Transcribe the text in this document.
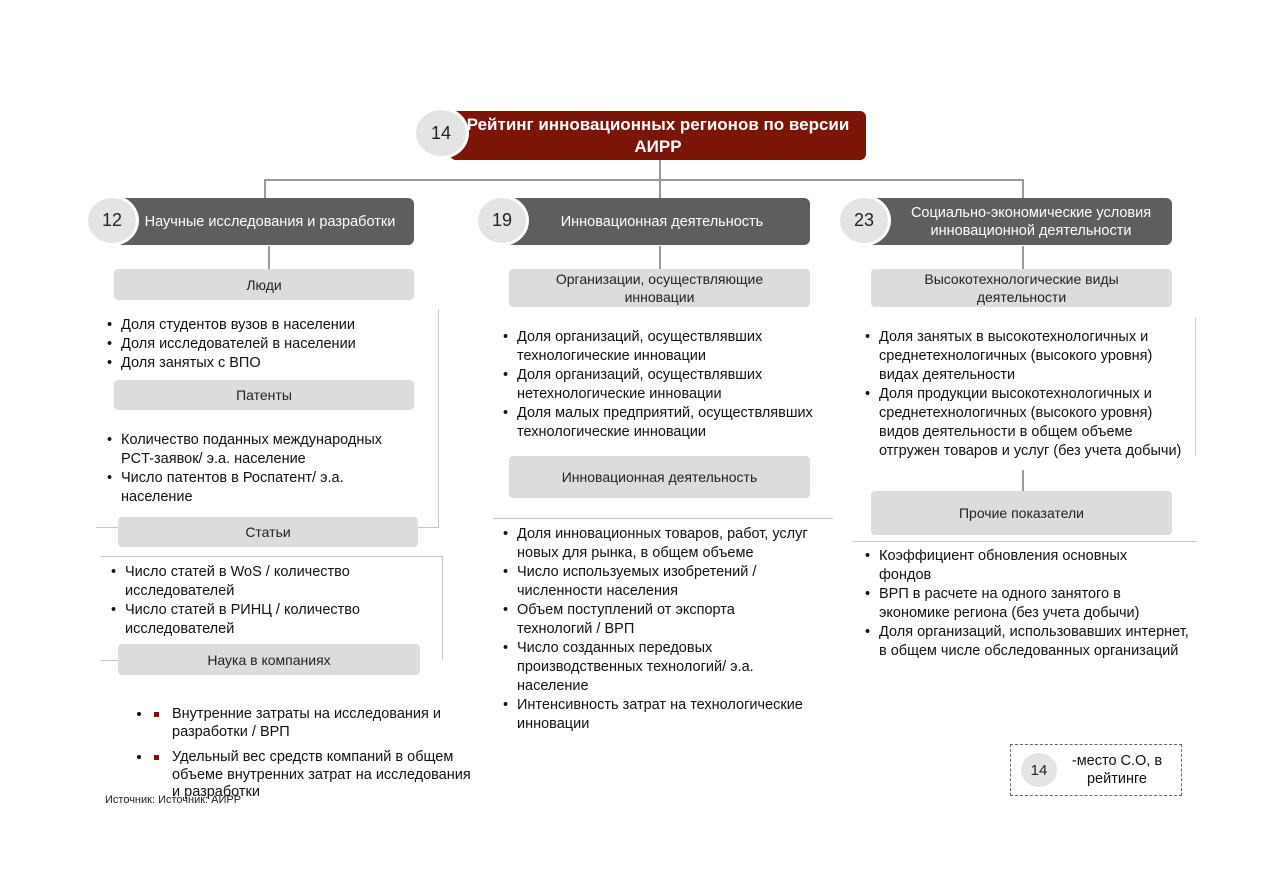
Рейтинг инновационных регионов по версии АИРР
14
Научные исследования и разработки
12
Люди
• Доля студентов вузов в населении
• Доля исследователей в населении
• Доля занятых с ВПО
Патенты
• Количество поданных международных PCT-заявок/ э.а. население
• Число патентов в Роспатент/ э.а. население
Статьи
• Число статей в WoS / количество исследователей
• Число статей в РИНЦ / количество исследователей
Наука в компаниях
• Внутренние затраты на исследования и разработки / ВРП
• Удельный вес средств компаний в общем объеме внутренних затрат на исследования и разработки
Источник: Источник: АИРР
Инновационная деятельность
19
Организации, осуществляющие инновации
• Доля организаций, осуществлявших технологические инновации
• Доля организаций, осуществлявших нетехнологические инновации
• Доля малых предприятий, осуществлявших технологические инновации
Инновационная деятельность
• Доля инновационных товаров, работ, услуг новых для рынка, в общем объеме
• Число используемых изобретений / численности населения
• Объем поступлений от экспорта технологий / ВРП
• Число созданных передовых производственных технологий/ э.а. население
• Интенсивность затрат на технологические инновации
Социально-экономические условия инновационной деятельности
23
Высокотехнологические виды деятельности
• Доля занятых в высокотехнологичных и среднетехнологичных (высокого уровня) видах деятельности
• Доля продукции высокотехнологичных и среднетехнологичных (высокого уровня) видов деятельности в общем объеме отгружен товаров и услуг (без учета добычи)
Прочие показатели
• Коэффициент обновления основных фондов
• ВРП в расчете на одного занятого в экономике региона (без учета добычи)
• Доля организаций, использовавших интернет, в общем числе обследованных организаций
14
-место С.О, в рейтинге
